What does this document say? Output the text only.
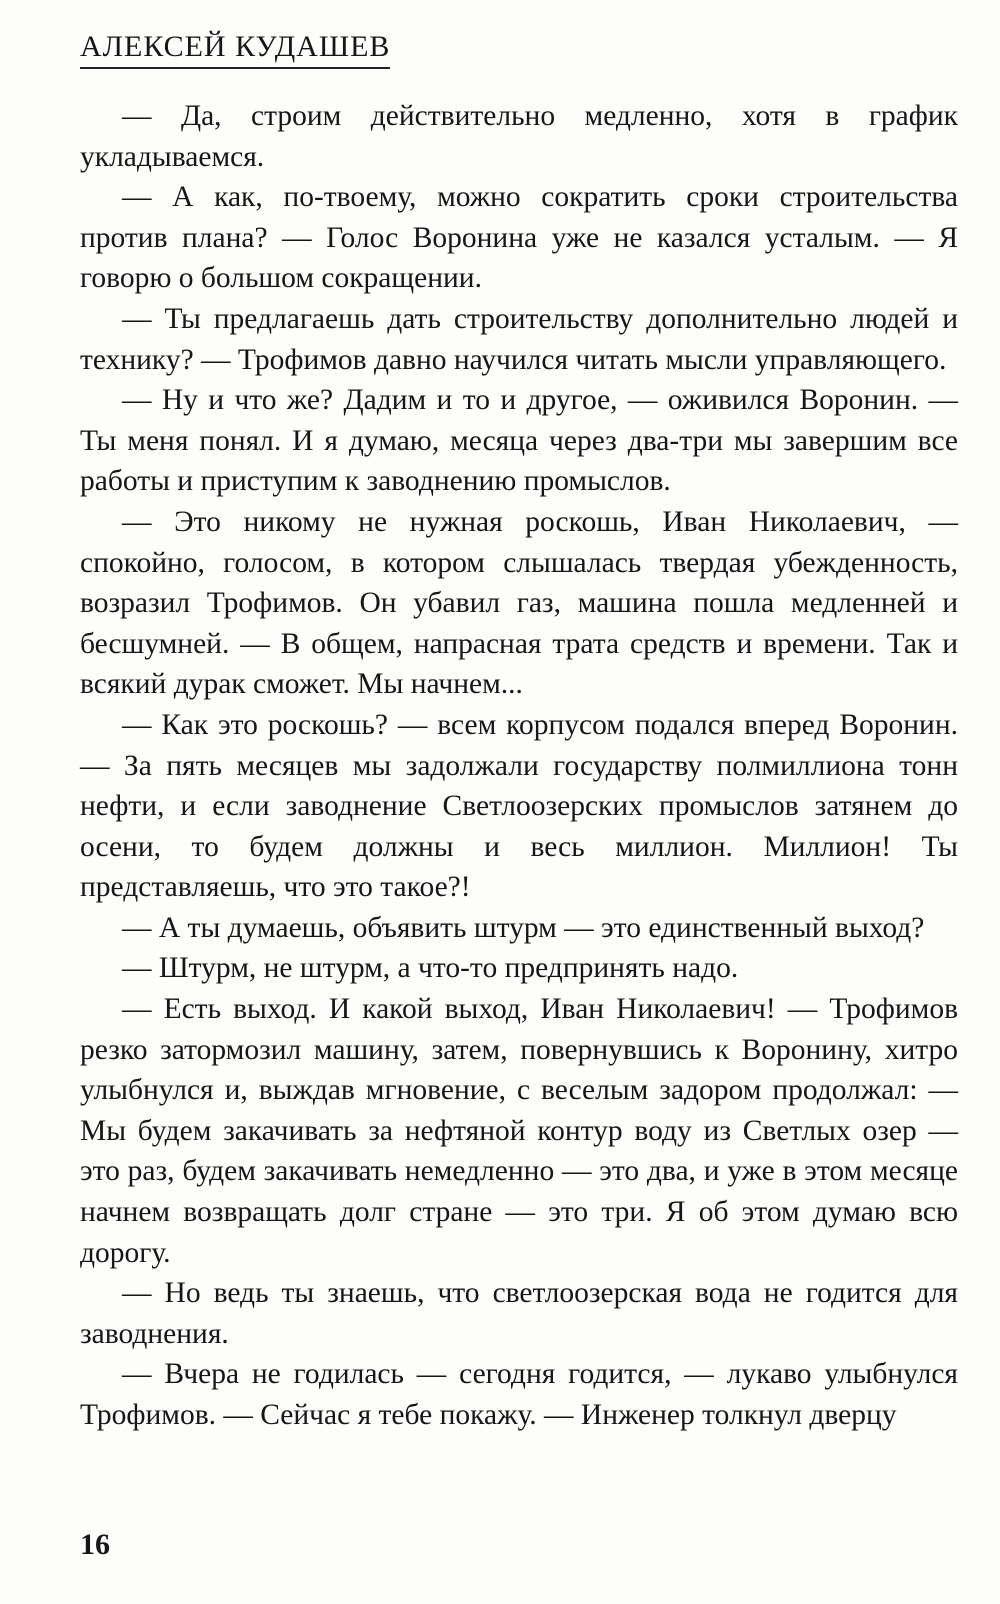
АЛЕКСЕЙ КУДАШЕВ

— Да, строим действительно медленно, хотя в график укладываемся.

— А как, по-твоему, можно сократить сроки строительства против плана? — Голос Воронина уже не казался усталым. — Я говорю о большом сокращении.

— Ты предлагаешь дать строительству дополнительно людей и технику? — Трофимов давно научился читать мысли управляющего.

— Ну и что же? Дадим и то и другое, — оживился Воронин. — Ты меня понял. И я думаю, месяца через два-три мы завершим все работы и приступим к заводнению промыслов.

— Это никому не нужная роскошь, Иван Николаевич, — спокойно, голосом, в котором слышалась твердая убежденность, возразил Трофимов. Он убавил газ, машина пошла медленней и бесшумней. — В общем, напрасная трата средств и времени. Так и всякий дурак сможет. Мы начнем...

— Как это роскошь? — всем корпусом подался вперед Воронин. — За пять месяцев мы задолжали государству полмиллиона тонн нефти, и если заводнение Светлоозерских промыслов затянем до осени, то будем должны и весь миллион. Миллион! Ты представляешь, что это такое?!

— А ты думаешь, объявить штурм — это единственный выход?

— Штурм, не штурм, а что-то предпринять надо.

— Есть выход. И какой выход, Иван Николаевич! — Трофимов резко затормозил машину, затем, повернувшись к Воронину, хитро улыбнулся и, выждав мгновение, с веселым задором продолжал: — Мы будем закачивать за нефтяной контур воду из Светлых озер — это раз, будем закачивать немедленно — это два, и уже в этом месяце начнем возвращать долг стране — это три. Я об этом думаю всю дорогу.

— Но ведь ты знаешь, что светлоозерская вода не годится для заводнения.

— Вчера не годилась — сегодня годится, — лукаво улыбнулся Трофимов. — Сейчас я тебе покажу. — Инженер толкнул дверцу

16
